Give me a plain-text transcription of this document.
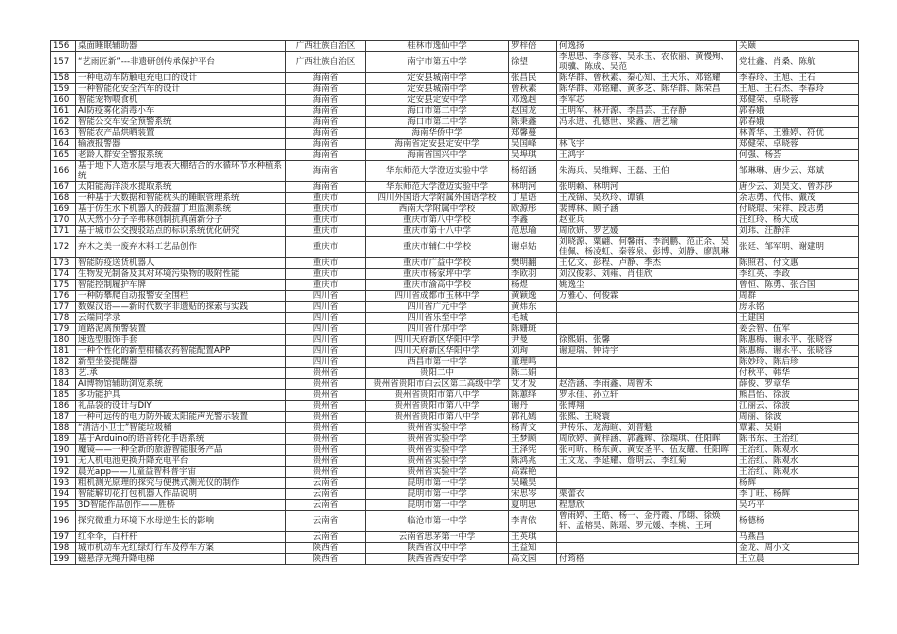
156	桌面睡眠辅助器	广西壮族自治区	桂林市逸仙中学	罗梓倍	何逸扬	关颐
157	“艺雨匠新”---非遗研创传承保护平台	广西壮族自治区	南宁市第五中学	徐望	李思思、李彦蓉、吴永玉、农依丽、黄慢殉、项骥、陈成、吴范	党壮鑫、肖桑、陈航
158	一种电动车防触电充电口的设计	海南省	定安县城南中学	张昌民	陈华群、曾秋素、秦心知、王天乐、邓铭耀	李春玲、王旭、王石
159	一种智能化安全汽车的设计	海南省	定安县城南中学	曾秋素	陈华群、邓铭耀、黄多芝、陈华群、陈荣昌	王旭、王石杰、李春玲
160	智能宠物喂食机	海南省	定安县定安中学	邓逸赳	李军芯	郑健荣、卓晓蓉
161	AI防疫雾化消毒小车	海南省	海口市第二中学	赵国龙	王明军、林开源、李昌芸、王存静	郭春娥
162	智能公交车安全预警系统	海南省	海口市第二中学	陈秉鑫	冯永进、孔德世、梁鑫、唐艺瑜	郭春娥
163	智能农产品烘晒装置	海南省	海南华侨中学	郑馨蔓		林菁华、王雅婷、符优
164	输液报警器	海南省	海南省定安县定安中学	吴国峰	林飞宇	郑健荣、卓晓蓉
165	老龄人群安全警报系统	海南省	海南省国兴中学	吴埠琪	王鸿宇	何强、杨荟
166	基于地下人造水层与地表大棚结合的水循环节水种植系统	海南省	华东师范大学澄迈实验中学	杨绍涵	朱海兵、吴维辉、王磊、王伯	邹琳琳、唐少云、郑斌
167	太阳能海洋淡水提取系统	海南省	华东师范大学澄迈实验中学	林明河	张明赖、林明河	唐少云、刘昊文、曾苏莎
168	一种基于大数据和智能枕头的睡眠管理系统	重庆市	四川外国语大学附属外国语学校	丁星语	王茂锦、吴玖玲、谭镇	余志勇、代伟、戴茂
169	基于仿生水下机器人的鼓溜丁坦监测系统	重庆市	西南大学附属中学校	欧源彤	裴博林、顾子涵	付晓琨、宋祥、段志勇
170	从天然小分子辛弗林创制抗真菌新分子	重庆市	重庆市第八中学校	李鑫	赵亚兵	汪红玲、杨大成
171	基于城市公交搜驳站点的标识系统优化研究	重庆市	重庆市第十八中学	范思瑜	周欣妍、罗艺媛	刘玮、汪静洋
172	弃木之美一废弃木料工艺品创作	重庆市	重庆市辅仁中学校	谢卓姑	刘晓源、粟翩、何馨雨、李润鹏、范正余、吴佳佩、杨凌虹、秦蓉泉、彭博、刘静、廖凯琳	张廷、邹军明、谢建明
173	智能防疫送货机器人	重庆市	重庆市广益中学校	樊明翻	王亿文、彭程、卢静、季杰	陈照君、付文惠
174	生物发光制备及其对环境污染物的吸附性能	重庆市	重庆市杨家坪中学	李欧羽	刘汉俊彩、刘雍、肖佳欣	李红英、李政
175	智能控制履护车牌	重庆市	重庆市渝高中学校	杨煜	姚逸尘	曾恒、陈勇、张合国
176	一种防攀爬自动报警安全围栏	四川省	四川省成都市玉林中学	黄颖逸	万雅心、何俊霖	周群
177	数媒汉语——新时代数字非遗贴的探索与实践	四川省	四川省广元中学	黄炜东		房永铭
178	云端同学录	四川省	四川省乐至中学	毛城		王建国
179	道路泥离预警装置	四川省	四川省什邡中学	陈姗斑		姜会智、伍军
180	速选型服饰手套	四川省	四川天府新区华阳中学	尹曼	徐熙娟、张馨	陈惠梅、谢永平、张晓容
181	一种个性化的新型柑橘农药智能配置APP	四川省	四川天府新区华阳中学	刘珣	谢迎瑞、钟诗宇	陈惠梅、谢永平、张晓容
182	新型坐姿提醒器	四川省	西昌市第一中学	董理鸣		陈妙玲、陈后珍
183	艺.承	贵州省	贵阳二中	陈二娟		付秋平、韩华
184	AI博物馆辅助浏览系统	贵州省	贵州省贵阳市白云区第二高级中学	艾才发	赵浩涵、李雨鑫、周智禾	薛俊、罗章华
185	多功能护具	贵州省	贵州省贵阳市第八中学	陈蕙绎	罗永佳、孙立轩	熊昌怡、徐波
186	礼品袋的设计与DIY	贵州省	贵州省贵阳市第八中学	谢丹	张博翔	江丽云、徐波
187	一种可远传的电力防外破太阳能声光警示装置	贵州省	贵州省贵阳市第八中学	郭礼嫣	张熙、王晓寰	周丽、徐波
188	“清洁小卫士”智能垃圾桶	贵州省	贵州省实验中学	杨青文	尹传乐、龙海暄、刘晋魁	覃素、吴娟
189	基于Arduino的语音转化手语系统	贵州省	贵州省实验中学	王梦顾	周欣婷、黄梓涵、郭鑫辉、徐瑞琪、任阳晖	陈书东、王治红
190	魔镜——一种全新的旅游智能服务产品	贵州省	贵州省实验中学	王泽宪	张可昕、杨东黄、黄安圣平、伍友耀、任阳晖	王治红、陈观水
191	无人机电池更换升降充电平台	贵州省	贵州省实验中学	陈鸿兆	王文龙、李延耀、詹明云、李红菊	王治红、陈观水
192	晨光app——儿童益智科普宇宙	贵州省	贵州省实验中学	高霖艳		王治红、陈观水
193	粗机测光原理的探究与便携式测光仪的制作	云南省	昆明市第一中学	吴曦昊		杨辉
194	智能解切花打包机器人作品说明	云南省	昆明市第一中学	宋思岑	栗蕾衣	李丁旺、杨辉
195	3D智能作品创作——胜桥	云南省	昆明市第一中学	夏明思	程慧欣	吴巧平
196	探究微重力环境下水母逆生长的影响	云南省	临沧市第一中学	李青依	曾雨婷、王皓、杨一、金丹霞、邝翃、徐焕轩、孟榕昊、陈瑶、罗元媛、李桃、王珂	杨德杨
197	红伞伞，白杆杆	云南省	云南省思茅第一中学	王英琪		马燕昌
198	城市机动车无红绿灯行车及停车方案	陕西省	陕西省汉中中学	王益知		金龙、周小文
199	磁悬浮无绳升降电梯	陕西省	陕西省西安中学	高文园	付筠格	王立晨
